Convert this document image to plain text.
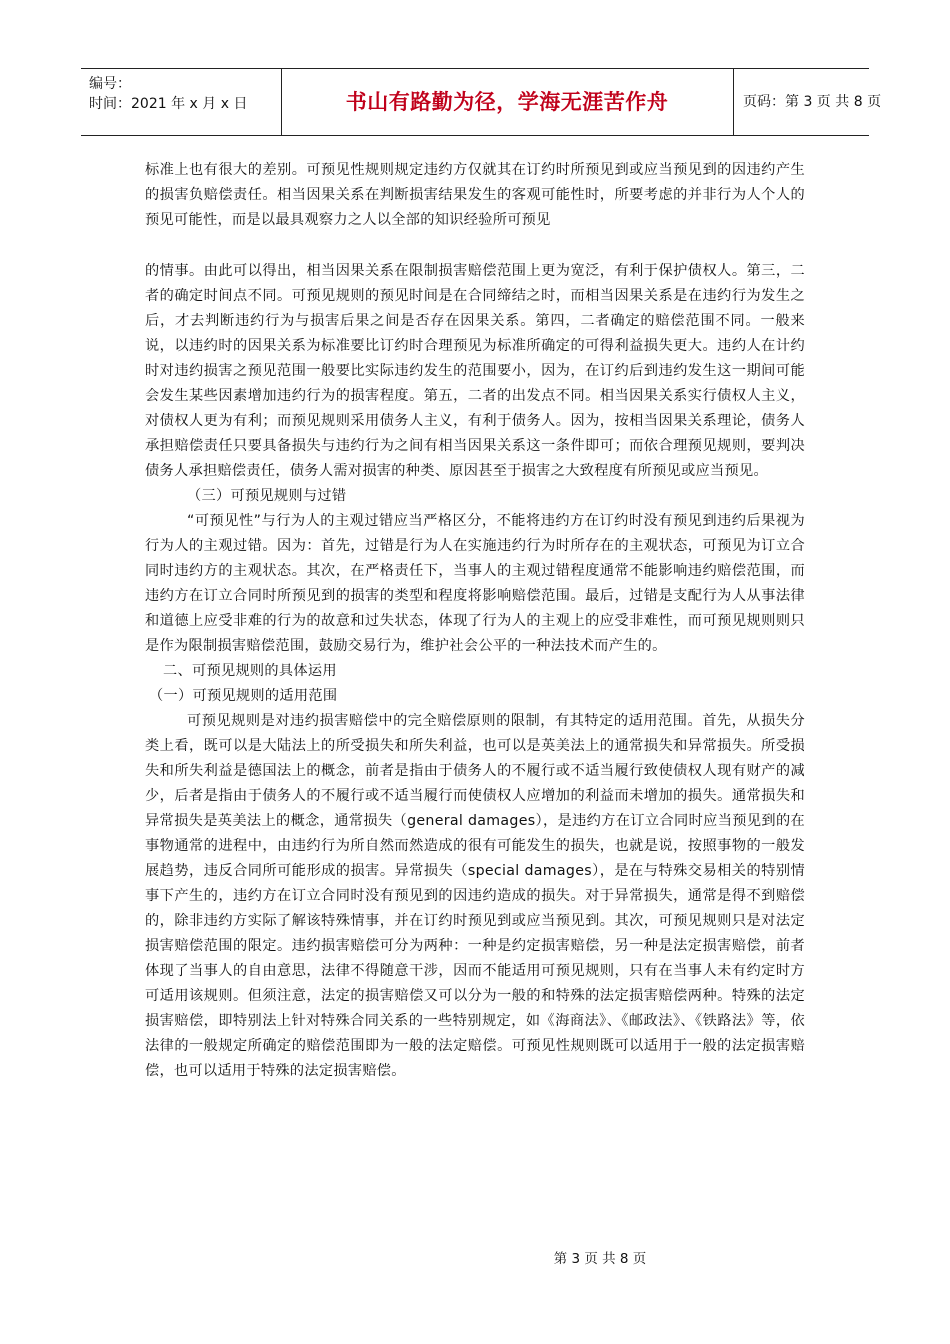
编号：
时间：2021 年 x 月 x 日	书山有路勤为径，学海无涯苦作舟	页码：第 3 页 共 8 页

标准上也有很大的差别。可预见性规则规定违约方仅就其在订约时所预见到或应当预见到的因违约产生的损害负赔偿责任。相当因果关系在判断损害结果发生的客观可能性时，所要考虑的并非行为人个人的预见可能性，而是以最具观察力之人以全部的知识经验所可预见

的情事。由此可以得出，相当因果关系在限制损害赔偿范围上更为宽泛，有利于保护债权人。第三，二者的确定时间点不同。可预见规则的预见时间是在合同缔结之时，而相当因果关系是在违约行为发生之后，才去判断违约行为与损害后果之间是否存在因果关系。第四，二者确定的赔偿范围不同。一般来说，以违约时的因果关系为标准要比订约时合理预见为标准所确定的可得利益损失更大。违约人在计约时对违约损害之预见范围一般要比实际违约发生的范围要小，因为，在订约后到违约发生这一期间可能会发生某些因素增加违约行为的损害程度。第五，二者的出发点不同。相当因果关系实行债权人主义，对债权人更为有利；而预见规则采用债务人主义，有利于债务人。因为，按相当因果关系理论，债务人承担赔偿责任只要具备损失与违约行为之间有相当因果关系这一条件即可；而依合理预见规则，要判决债务人承担赔偿责任，债务人需对损害的种类、原因甚至于损害之大致程度有所预见或应当预见。

（三）可预见规则与过错

“可预见性”与行为人的主观过错应当严格区分，不能将违约方在订约时没有预见到违约后果视为行为人的主观过错。因为：首先，过错是行为人在实施违约行为时所存在的主观状态，可预见为订立合同时违约方的主观状态。其次，在严格责任下，当事人的主观过错程度通常不能影响违约赔偿范围，而违约方在订立合同时所预见到的损害的类型和程度将影响赔偿范围。最后，过错是支配行为人从事法律和道德上应受非难的行为的故意和过失状态，体现了行为人的主观上的应受非难性，而可预见规则则只是作为限制损害赔偿范围，鼓励交易行为，维护社会公平的一种法技术而产生的。

二、可预见规则的具体运用

（一）可预见规则的适用范围

可预见规则是对违约损害赔偿中的完全赔偿原则的限制，有其特定的适用范围。首先，从损失分类上看，既可以是大陆法上的所受损失和所失利益，也可以是英美法上的通常损失和异常损失。所受损失和所失利益是德国法上的概念，前者是指由于债务人的不履行或不适当履行致使债权人现有财产的减少，后者是指由于债务人的不履行或不适当履行而使债权人应增加的利益而未增加的损失。通常损失和异常损失是英美法上的概念，通常损失（general damages），是违约方在订立合同时应当预见到的在事物通常的进程中，由违约行为所自然而然造成的很有可能发生的损失，也就是说，按照事物的一般发展趋势，违反合同所可能形成的损害。异常损失（special damages），是在与特殊交易相关的特别情事下产生的，违约方在订立合同时没有预见到的因违约造成的损失。对于异常损失，通常是得不到赔偿的，除非违约方实际了解该特殊情事，并在订约时预见到或应当预见到。其次，可预见规则只是对法定损害赔偿范围的限定。违约损害赔偿可分为两种：一种是约定损害赔偿，另一种是法定损害赔偿，前者体现了当事人的自由意思，法律不得随意干涉，因而不能适用可预见规则，只有在当事人未有约定时方可适用该规则。但须注意，法定的损害赔偿又可以分为一般的和特殊的法定损害赔偿两种。特殊的法定损害赔偿，即特别法上针对特殊合同关系的一些特别规定，如《海商法》、《邮政法》、《铁路法》等，依法律的一般规定所确定的赔偿范围即为一般的法定赔偿。可预见性规则既可以适用于一般的法定损害赔偿，也可以适用于特殊的法定损害赔偿。

第 3 页 共 8 页
